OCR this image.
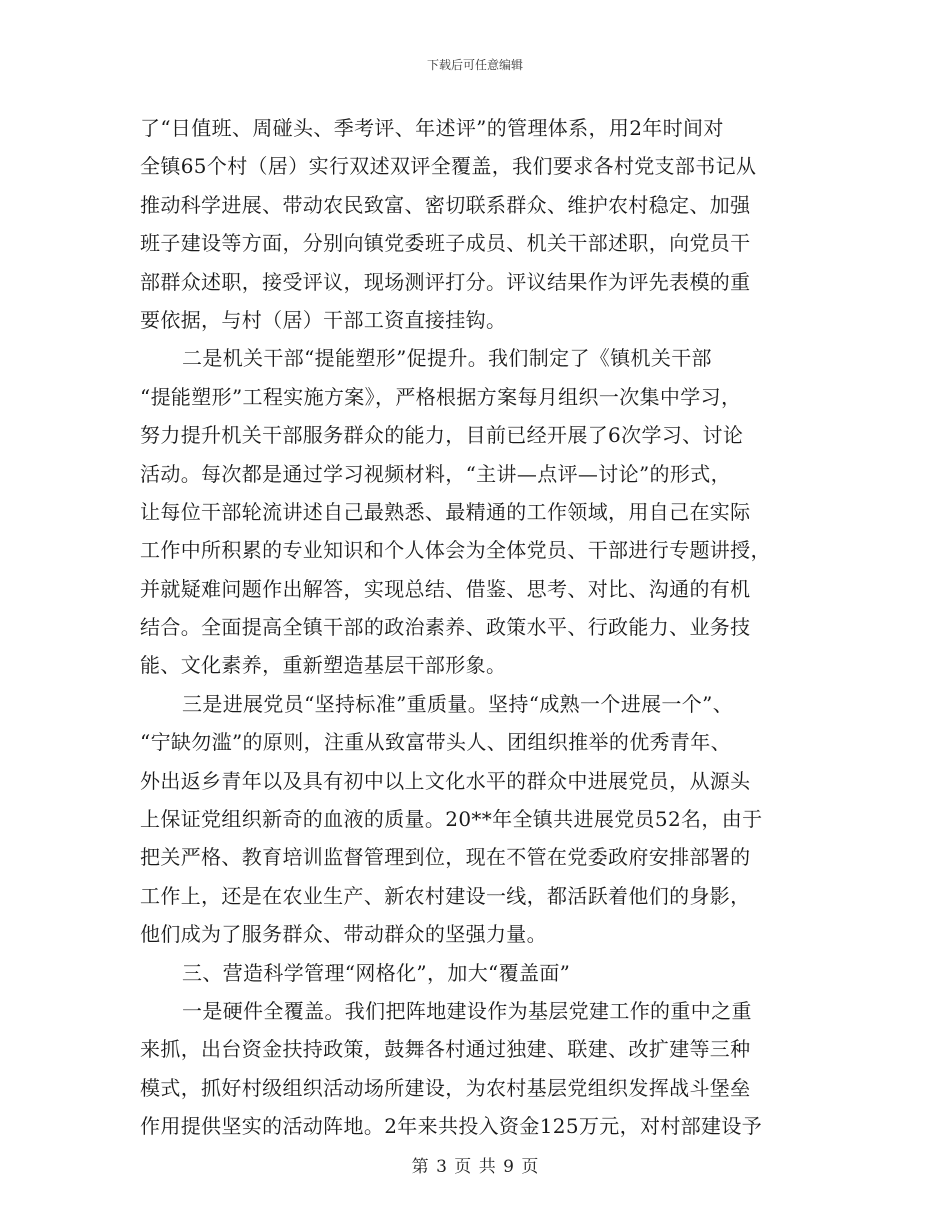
下载后可任意编辑
了“日值班、周碰头、季考评、年述评”的管理体系，用2年时间对
全镇65个村（居）实行双述双评全覆盖，我们要求各村党支部书记从
推动科学进展、带动农民致富、密切联系群众、维护农村稳定、加强
班子建设等方面，分别向镇党委班子成员、机关干部述职，向党员干
部群众述职，接受评议，现场测评打分。评议结果作为评先表模的重
要依据，与村（居）干部工资直接挂钩。
二是机关干部“提能塑形”促提升。我们制定了《镇机关干部
“提能塑形”工程实施方案》，严格根据方案每月组织一次集中学习，
努力提升机关干部服务群众的能力，目前已经开展了6次学习、讨论
活动。每次都是通过学习视频材料，“主讲—点评—讨论”的形式，
让每位干部轮流讲述自己最熟悉、最精通的工作领域，用自己在实际
工作中所积累的专业知识和个人体会为全体党员、干部进行专题讲授，
并就疑难问题作出解答，实现总结、借鉴、思考、对比、沟通的有机
结合。全面提高全镇干部的政治素养、政策水平、行政能力、业务技
能、文化素养，重新塑造基层干部形象。
三是进展党员“坚持标准”重质量。坚持“成熟一个进展一个”、
“宁缺勿滥”的原则，注重从致富带头人、团组织推举的优秀青年、
外出返乡青年以及具有初中以上文化水平的群众中进展党员，从源头
上保证党组织新奇的血液的质量。20**年全镇共进展党员52名，由于
把关严格、教育培训监督管理到位，现在不管在党委政府安排部署的
工作上，还是在农业生产、新农村建设一线，都活跃着他们的身影，
他们成为了服务群众、带动群众的坚强力量。
三、营造科学管理“网格化”，加大“覆盖面”
一是硬件全覆盖。我们把阵地建设作为基层党建工作的重中之重
来抓，出台资金扶持政策，鼓舞各村通过独建、联建、改扩建等三种
模式，抓好村级组织活动场所建设，为农村基层党组织发挥战斗堡垒
作用提供坚实的活动阵地。2年来共投入资金125万元，对村部建设予
第 3 页 共 9 页
